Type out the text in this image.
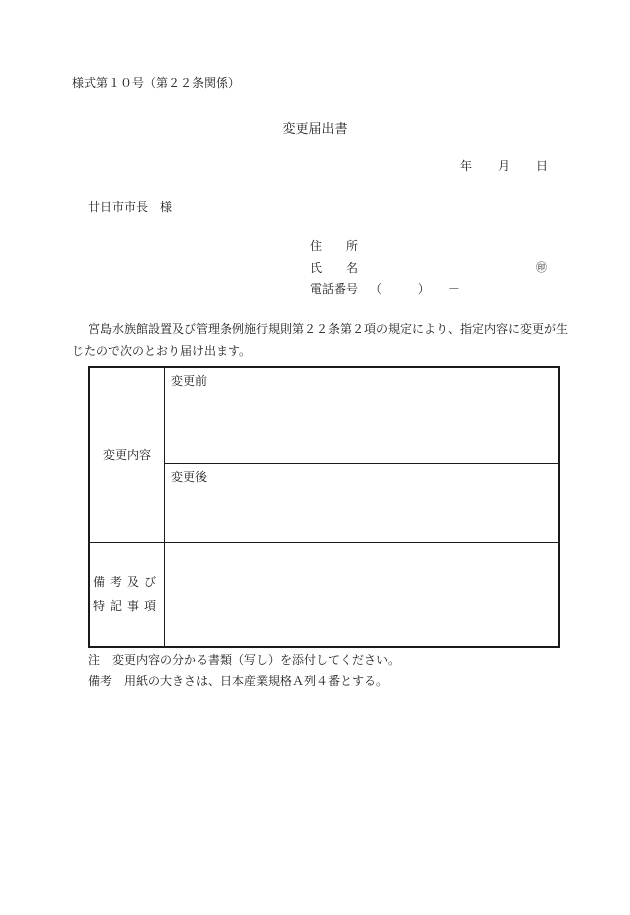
様式第１０号（第２２条関係）
変更届出書
年 月 日
廿日市市長　様
住　　所
氏　　名	㊞
電話番号 （　　　）　　－
宮島水族館設置及び管理条例施行規則第２２条第２項の規定により、指定内容に変更が生じたので次のとおり届け出ます。
変更内容	変更前

	変更後

備考及び
特記事項	

注　変更内容の分かる書類（写し）を添付してください。
備考　用紙の大きさは、日本産業規格Ａ列４番とする。
